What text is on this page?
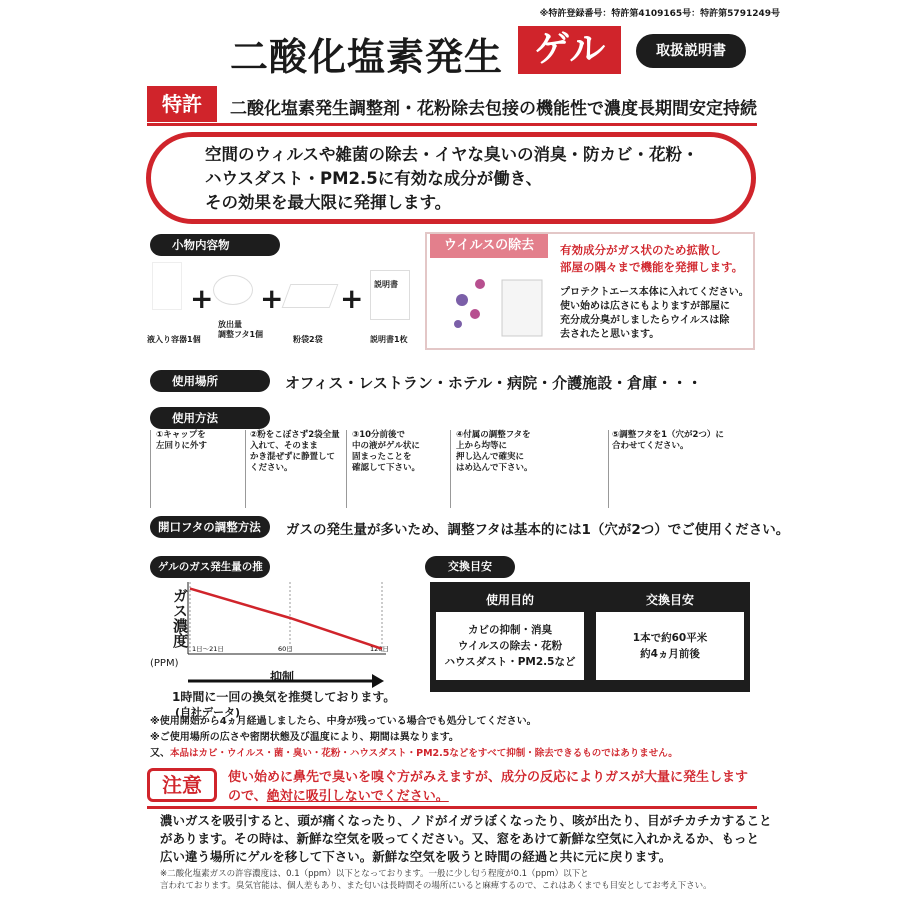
※特許登録番号：特許第4109165号：特許第5791249号
二酸化塩素発生 ゲル	取扱説明書
特許	二酸化塩素発生調整剤・花粉除去包接の機能性で濃度長期間安定持続
空間のウィルスや雑菌の除去・イヤな臭いの消臭・防カビ・花粉・
ハウスダスト・PM2.5に有効な成分が働き、
その効果を最大限に発揮します。
小物内容物
+ + +	説明書
液入り容器1個
放出量
調整フタ1個
粉袋2袋	説明書1枚
ウイルスの除去	有効成分がガス状のため拡散し
部屋の隅々まで機能を発揮します。
プロテクトエース本体に入れてください。
使い始めは広さにもよりますが部屋に
充分成分臭がしましたらウイルスは除
去されたと思います。
使用場所	オフィス・レストラン・ホテル・病院・介護施設・倉庫・・・
使用方法
①キャップを
左回りに外す
②粉をこぼさず2袋全量
入れて、そのまま
かき混ぜずに静置して
ください。
③10分前後で
中の液がゲル状に
固まったことを
確認して下さい。
④付属の調整フタを
上から均等に
押し込んで確実に
はめ込んで下さい。
⑤調整フタを1（穴が2つ）に
合わせてください。
開口フタの調整方法	ガスの発生量が多いため、調整フタは基本的には1（穴が2つ）でご使用ください。
ゲルのガス発生量の推移 ガス濃度
(PPM)
1日～21日	60日	120日
抑制
1時間に一回の換気を推奨しております。
(自社データ)
交換目安
使用目的
カビの抑制・消臭
ウイルスの除去・花粉
ハウスダスト・PM2.5など
交換目安
1本で約60平米
約4ヵ月前後
※使用開始から4ヵ月経過しましたら、中身が残っている場合でも処分してください。
※ご使用場所の広さや密閉状態及び温度により、期間は異なります。
又、本品はカビ・ウイルス・菌・臭い・花粉・ハウスダスト・PM2.5などをすべて抑制・除去できるものではありません。
注意	使い始めに鼻先で臭いを嗅ぐ方がみえますが、成分の反応によりガスが大量に発生します
ので、絶対に吸引しないでください。
濃いガスを吸引すると、頭が痛くなったり、ノドがイガラぼくなったり、咳が出たり、目がチカチカすること
があります。その時は、新鮮な空気を吸ってください。又、窓をあけて新鮮な空気に入れかえるか、もっと
広い違う場所にゲルを移して下さい。新鮮な空気を吸うと時間の経過と共に元に戻ります。
※二酸化塩素ガスの許容濃度は、0.1（ppm）以下となっております。一般に少し匂う程度が0.1（ppm）以下と
言われております。臭気官能は、個人差もあり、また匂いは長時間その場所にいると麻痺するので、これはあくまでも目安としてお考え下さい。
